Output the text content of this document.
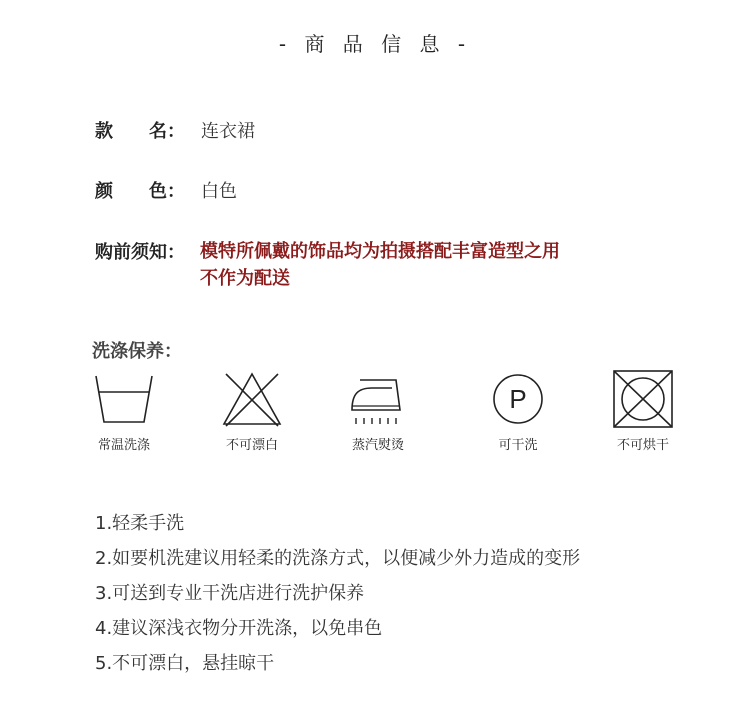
- 商 品 信 息 -
款　　名： 连衣裙
颜　　色： 白色
购前须知： 模特所佩戴的饰品均为拍摄搭配丰富造型之用
不作为配送
洗涤保养：
常温洗涤	不可漂白	蒸汽熨烫
P
可干洗	不可烘干
1.轻柔手洗
2.如要机洗建议用轻柔的洗涤方式，以便减少外力造成的变形
3.可送到专业干洗店进行洗护保养
4.建议深浅衣物分开洗涤，以免串色
5.不可漂白，悬挂晾干
